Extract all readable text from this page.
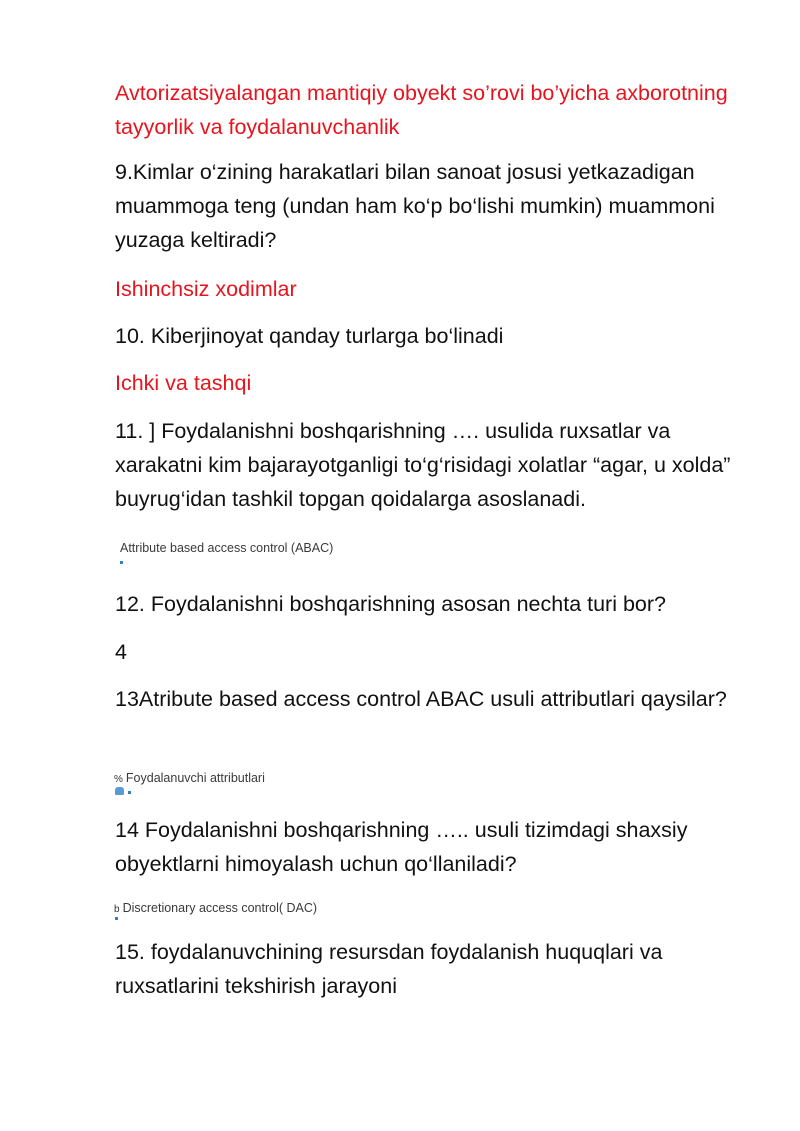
Avtorizatsiyalangan mantiqiy obyekt so’rovi bo’yicha axborotning tayyorlik va foydalanuvchanlik

9.Kimlar o‘zining harakatlari bilan sanoat josusi yetkazadigan muammoga teng (undan ham ko‘p bo‘lishi mumkin) muammoni yuzaga keltiradi?

Ishinchsiz xodimlar

10. Kiberjinoyat qanday turlarga bo‘linadi

Ichki va tashqi

11. ] Foydalanishni boshqarishning …. usulida ruxsatlar va xarakatni kim bajarayotganligi to‘g‘risidagi xolatlar “agar, u xolda” buyrug‘idan tashkil topgan qoidalarga asoslanadi.

Attribute based access control (ABAC)

12. Foydalanishni boshqarishning asosan nechta turi bor?

4

13Atribute based access control ABAC usuli attributlari qaysilar?

% Foydalanuvchi attributlari

14 Foydalanishni boshqarishning ….. usuli tizimdagi shaxsiy obyektlarni himoyalash uchun qo‘llaniladi?

b Discretionary access control( DAC)

15. foydalanuvchining resursdan foydalanish huquqlari va ruxsatlarini tekshirish jarayoni
